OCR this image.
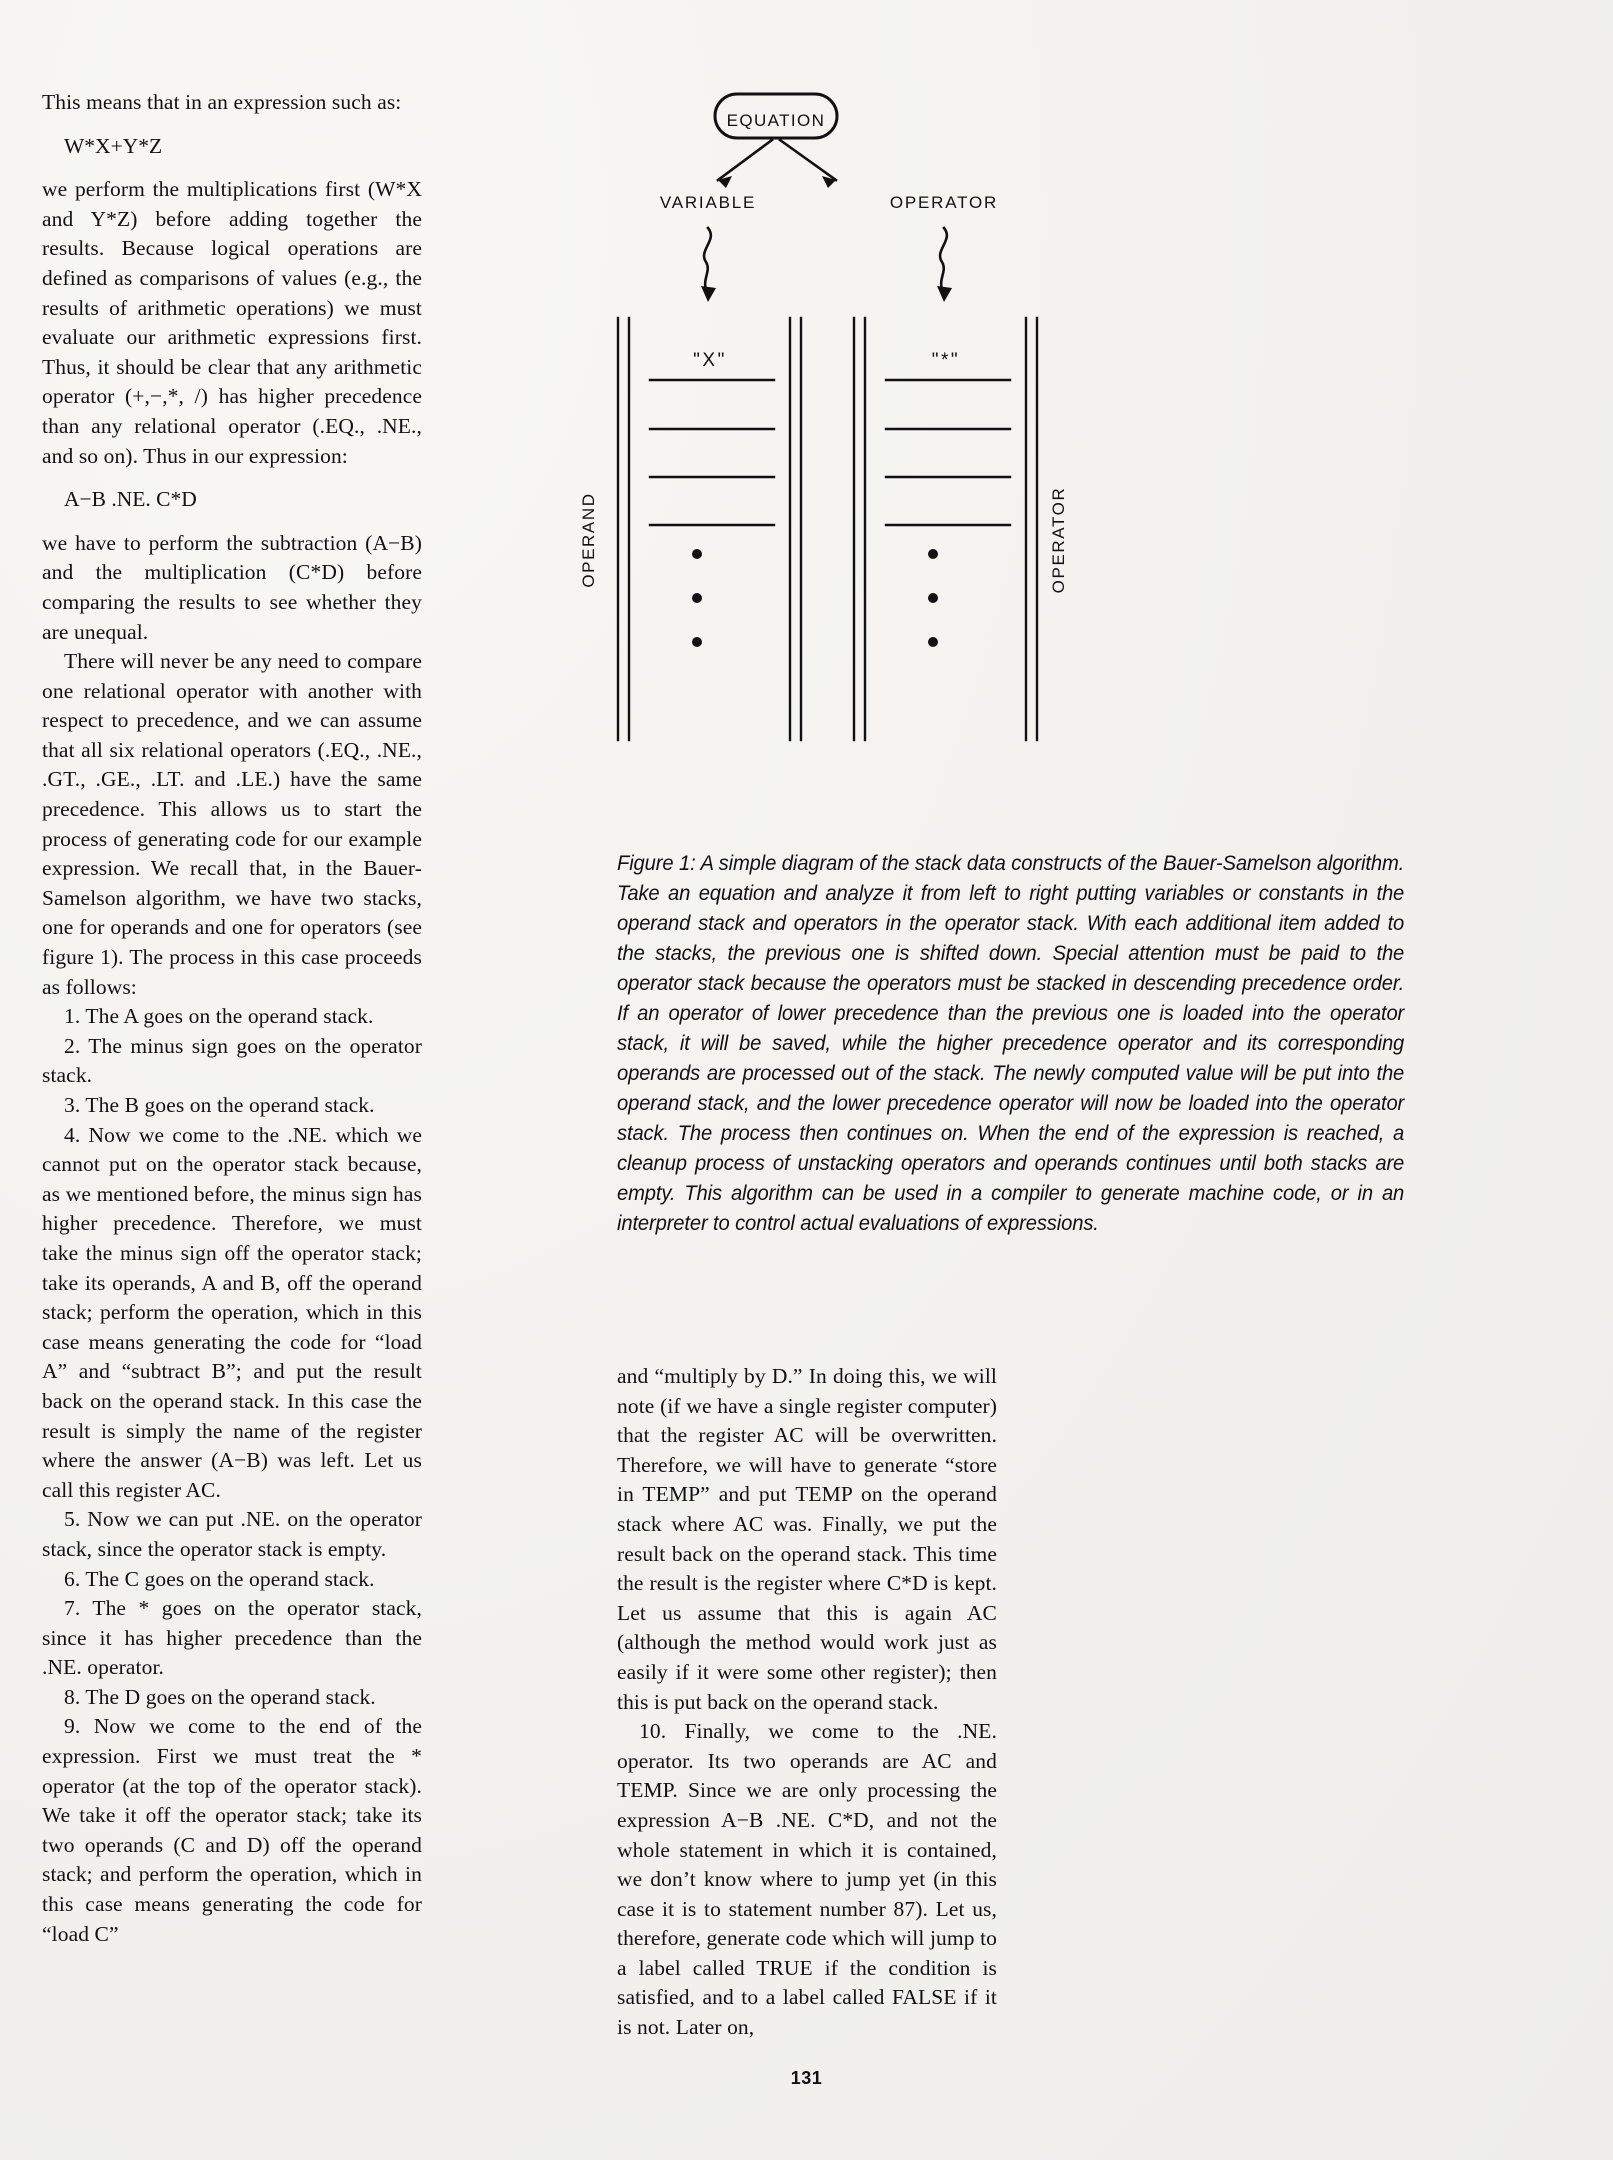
This means that in an expression such as:

W*X+Y*Z

we perform the multiplications first (W*X and Y*Z) before adding together the results. Because logical operations are defined as comparisons of values (e.g., the results of arithmetic operations) we must evaluate our arithmetic expressions first. Thus, it should be clear that any arithmetic operator (+,−,*, /) has higher precedence than any relational operator (.EQ., .NE., and so on). Thus in our expression:

A−B .NE. C*D

we have to perform the subtraction (A−B) and the multiplication (C*D) before comparing the results to see whether they are unequal.

There will never be any need to compare one relational operator with another with respect to precedence, and we can assume that all six relational operators (.EQ., .NE., .GT., .GE., .LT. and .LE.) have the same precedence. This allows us to start the process of generating code for our example expression. We recall that, in the Bauer-Samelson algorithm, we have two stacks, one for operands and one for operators (see figure 1). The process in this case proceeds as follows:

1. The A goes on the operand stack.

2. The minus sign goes on the operator stack.

3. The B goes on the operand stack.

4. Now we come to the .NE. which we cannot put on the operator stack because, as we mentioned before, the minus sign has higher precedence. Therefore, we must take the minus sign off the operator stack; take its operands, A and B, off the operand stack; perform the operation, which in this case means generating the code for “load A” and “subtract B”; and put the result back on the operand stack. In this case the result is simply the name of the register where the answer (A−B) was left. Let us call this register AC.

5. Now we can put .NE. on the operator stack, since the operator stack is empty.

6. The C goes on the operand stack.

7. The * goes on the operator stack, since it has higher precedence than the .NE. operator.

8. The D goes on the operand stack.

9. Now we come to the end of the expression. First we must treat the * operator (at the top of the operator stack). We take it off the operator stack; take its two operands (C and D) off the operand stack; and perform the operation, which in this case means generating the code for “load C”

EQUATION
VARIABLE	OPERATOR
"X"	"*"
OPERAND	OPERATOR
Figure 1: A simple diagram of the stack data constructs of the Bauer-Samelson algorithm. Take an equation and analyze it from left to right putting variables or constants in the operand stack and operators in the operator stack. With each additional item added to the stacks, the previous one is shifted down. Special attention must be paid to the operator stack because the operators must be stacked in descending precedence order. If an operator of lower precedence than the previous one is loaded into the operator stack, it will be saved, while the higher precedence operator and its corresponding operands are processed out of the stack. The newly computed value will be put into the operand stack, and the lower precedence operator will now be loaded into the operator stack. The process then continues on. When the end of the expression is reached, a cleanup process of unstacking operators and operands continues until both stacks are empty. This algorithm can be used in a compiler to generate machine code, or in an interpreter to control actual evaluations of expressions.

and “multiply by D.” In doing this, we will note (if we have a single register computer) that the register AC will be overwritten. Therefore, we will have to generate “store in TEMP” and put TEMP on the operand stack where AC was. Finally, we put the result back on the operand stack. This time the result is the register where C*D is kept. Let us assume that this is again AC (although the method would work just as easily if it were some other register); then this is put back on the operand stack.

10. Finally, we come to the .NE. operator. Its two operands are AC and TEMP. Since we are only processing the expression A−B .NE. C*D, and not the whole statement in which it is contained, we don’t know where to jump yet (in this case it is to statement number 87). Let us, therefore, generate code which will jump to a label called TRUE if the condition is satisfied, and to a label called FALSE if it is not. Later on,

131
